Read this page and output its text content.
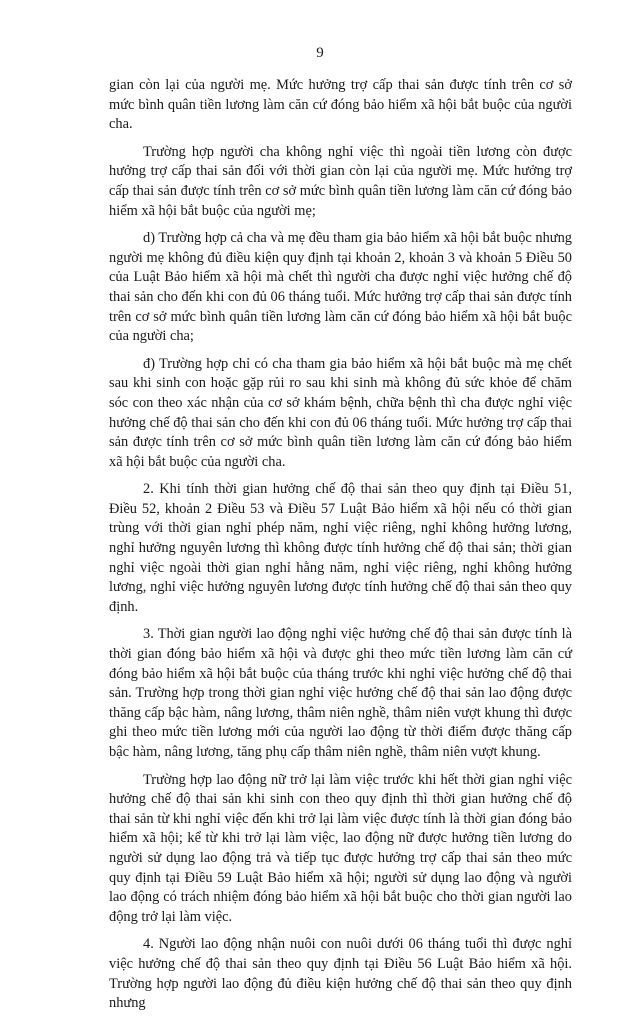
9

gian còn lại của người mẹ. Mức hưởng trợ cấp thai sản được tính trên cơ sở mức bình quân tiền lương làm căn cứ đóng bảo hiểm xã hội bắt buộc của người cha.

Trường hợp người cha không nghỉ việc thì ngoài tiền lương còn được hưởng trợ cấp thai sản đối với thời gian còn lại của người mẹ. Mức hưởng trợ cấp thai sản được tính trên cơ sở mức bình quân tiền lương làm căn cứ đóng bảo hiểm xã hội bắt buộc của người mẹ;

d) Trường hợp cả cha và mẹ đều tham gia bảo hiểm xã hội bắt buộc nhưng người mẹ không đủ điều kiện quy định tại khoản 2, khoản 3 và khoản 5 Điều 50 của Luật Bảo hiểm xã hội mà chết thì người cha được nghỉ việc hưởng chế độ thai sản cho đến khi con đủ 06 tháng tuổi. Mức hưởng trợ cấp thai sản được tính trên cơ sở mức bình quân tiền lương làm căn cứ đóng bảo hiểm xã hội bắt buộc của người cha;

đ) Trường hợp chỉ có cha tham gia bảo hiểm xã hội bắt buộc mà mẹ chết sau khi sinh con hoặc gặp rủi ro sau khi sinh mà không đủ sức khỏe để chăm sóc con theo xác nhận của cơ sở khám bệnh, chữa bệnh thì cha được nghỉ việc hưởng chế độ thai sản cho đến khi con đủ 06 tháng tuổi. Mức hưởng trợ cấp thai sản được tính trên cơ sở mức bình quân tiền lương làm căn cứ đóng bảo hiểm xã hội bắt buộc của người cha.

2. Khi tính thời gian hưởng chế độ thai sản theo quy định tại Điều 51, Điều 52, khoản 2 Điều 53 và Điều 57 Luật Bảo hiểm xã hội nếu có thời gian trùng với thời gian nghỉ phép năm, nghỉ việc riêng, nghỉ không hưởng lương, nghỉ hưởng nguyên lương thì không được tính hưởng chế độ thai sản; thời gian nghỉ việc ngoài thời gian nghỉ hằng năm, nghỉ việc riêng, nghỉ không hưởng lương, nghỉ việc hưởng nguyên lương được tính hưởng chế độ thai sản theo quy định.

3. Thời gian người lao động nghỉ việc hưởng chế độ thai sản được tính là thời gian đóng bảo hiểm xã hội và được ghi theo mức tiền lương làm căn cứ đóng bảo hiểm xã hội bắt buộc của tháng trước khi nghỉ việc hưởng chế độ thai sản. Trường hợp trong thời gian nghỉ việc hưởng chế độ thai sản lao động được thăng cấp bậc hàm, nâng lương, thâm niên nghề, thâm niên vượt khung thì được ghi theo mức tiền lương mới của người lao động từ thời điểm được thăng cấp bậc hàm, nâng lương, tăng phụ cấp thâm niên nghề, thâm niên vượt khung.

Trường hợp lao động nữ trở lại làm việc trước khi hết thời gian nghỉ việc hưởng chế độ thai sản khi sinh con theo quy định thì thời gian hưởng chế độ thai sản từ khi nghỉ việc đến khi trở lại làm việc được tính là thời gian đóng bảo hiểm xã hội; kể từ khi trở lại làm việc, lao động nữ được hưởng tiền lương do người sử dụng lao động trả và tiếp tục được hưởng trợ cấp thai sản theo mức quy định tại Điều 59 Luật Bảo hiểm xã hội; người sử dụng lao động và người lao động có trách nhiệm đóng bảo hiểm xã hội bắt buộc cho thời gian người lao động trở lại làm việc.

4. Người lao động nhận nuôi con nuôi dưới 06 tháng tuổi thì được nghỉ việc hưởng chế độ thai sản theo quy định tại Điều 56 Luật Bảo hiểm xã hội. Trường hợp người lao động đủ điều kiện hưởng chế độ thai sản theo quy định nhưng
